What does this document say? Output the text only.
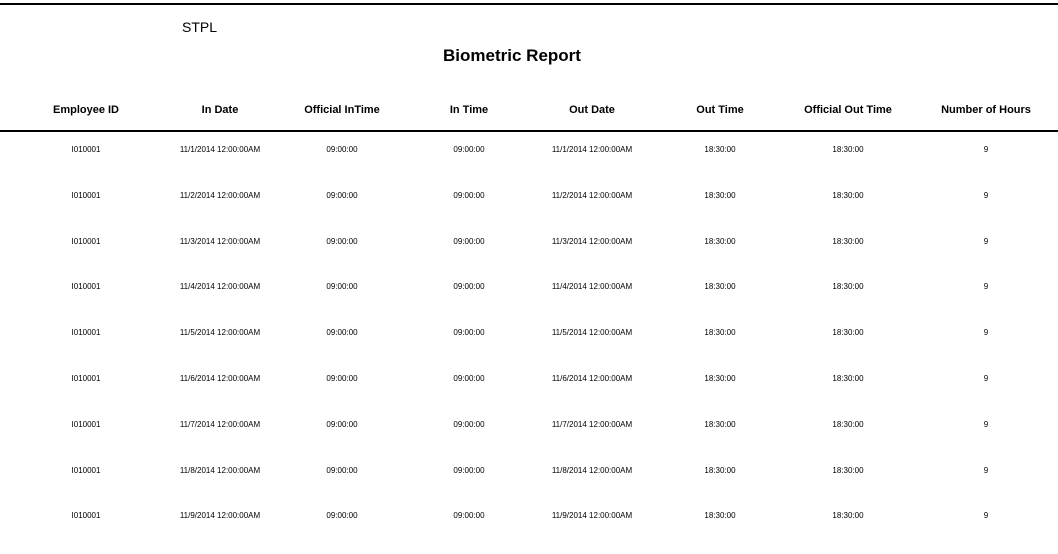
STPL
Biometric Report
Employee ID	In Date	Official InTime	In Time	Out Date	Out Time	Official Out Time	Number of Hours
I010001	11/1/2014 12:00:00AM	09:00:00	09:00:00	11/1/2014 12:00:00AM	18:30:00	18:30:00	9
I010001	11/2/2014 12:00:00AM	09:00:00	09:00:00	11/2/2014 12:00:00AM	18:30:00	18:30:00	9
I010001	11/3/2014 12:00:00AM	09:00:00	09:00:00	11/3/2014 12:00:00AM	18:30:00	18:30:00	9
I010001	11/4/2014 12:00:00AM	09:00:00	09:00:00	11/4/2014 12:00:00AM	18:30:00	18:30:00	9
I010001	11/5/2014 12:00:00AM	09:00:00	09:00:00	11/5/2014 12:00:00AM	18:30:00	18:30:00	9
I010001	11/6/2014 12:00:00AM	09:00:00	09:00:00	11/6/2014 12:00:00AM	18:30:00	18:30:00	9
I010001	11/7/2014 12:00:00AM	09:00:00	09:00:00	11/7/2014 12:00:00AM	18:30:00	18:30:00	9
I010001	11/8/2014 12:00:00AM	09:00:00	09:00:00	11/8/2014 12:00:00AM	18:30:00	18:30:00	9
I010001	11/9/2014 12:00:00AM	09:00:00	09:00:00	11/9/2014 12:00:00AM	18:30:00	18:30:00	9
